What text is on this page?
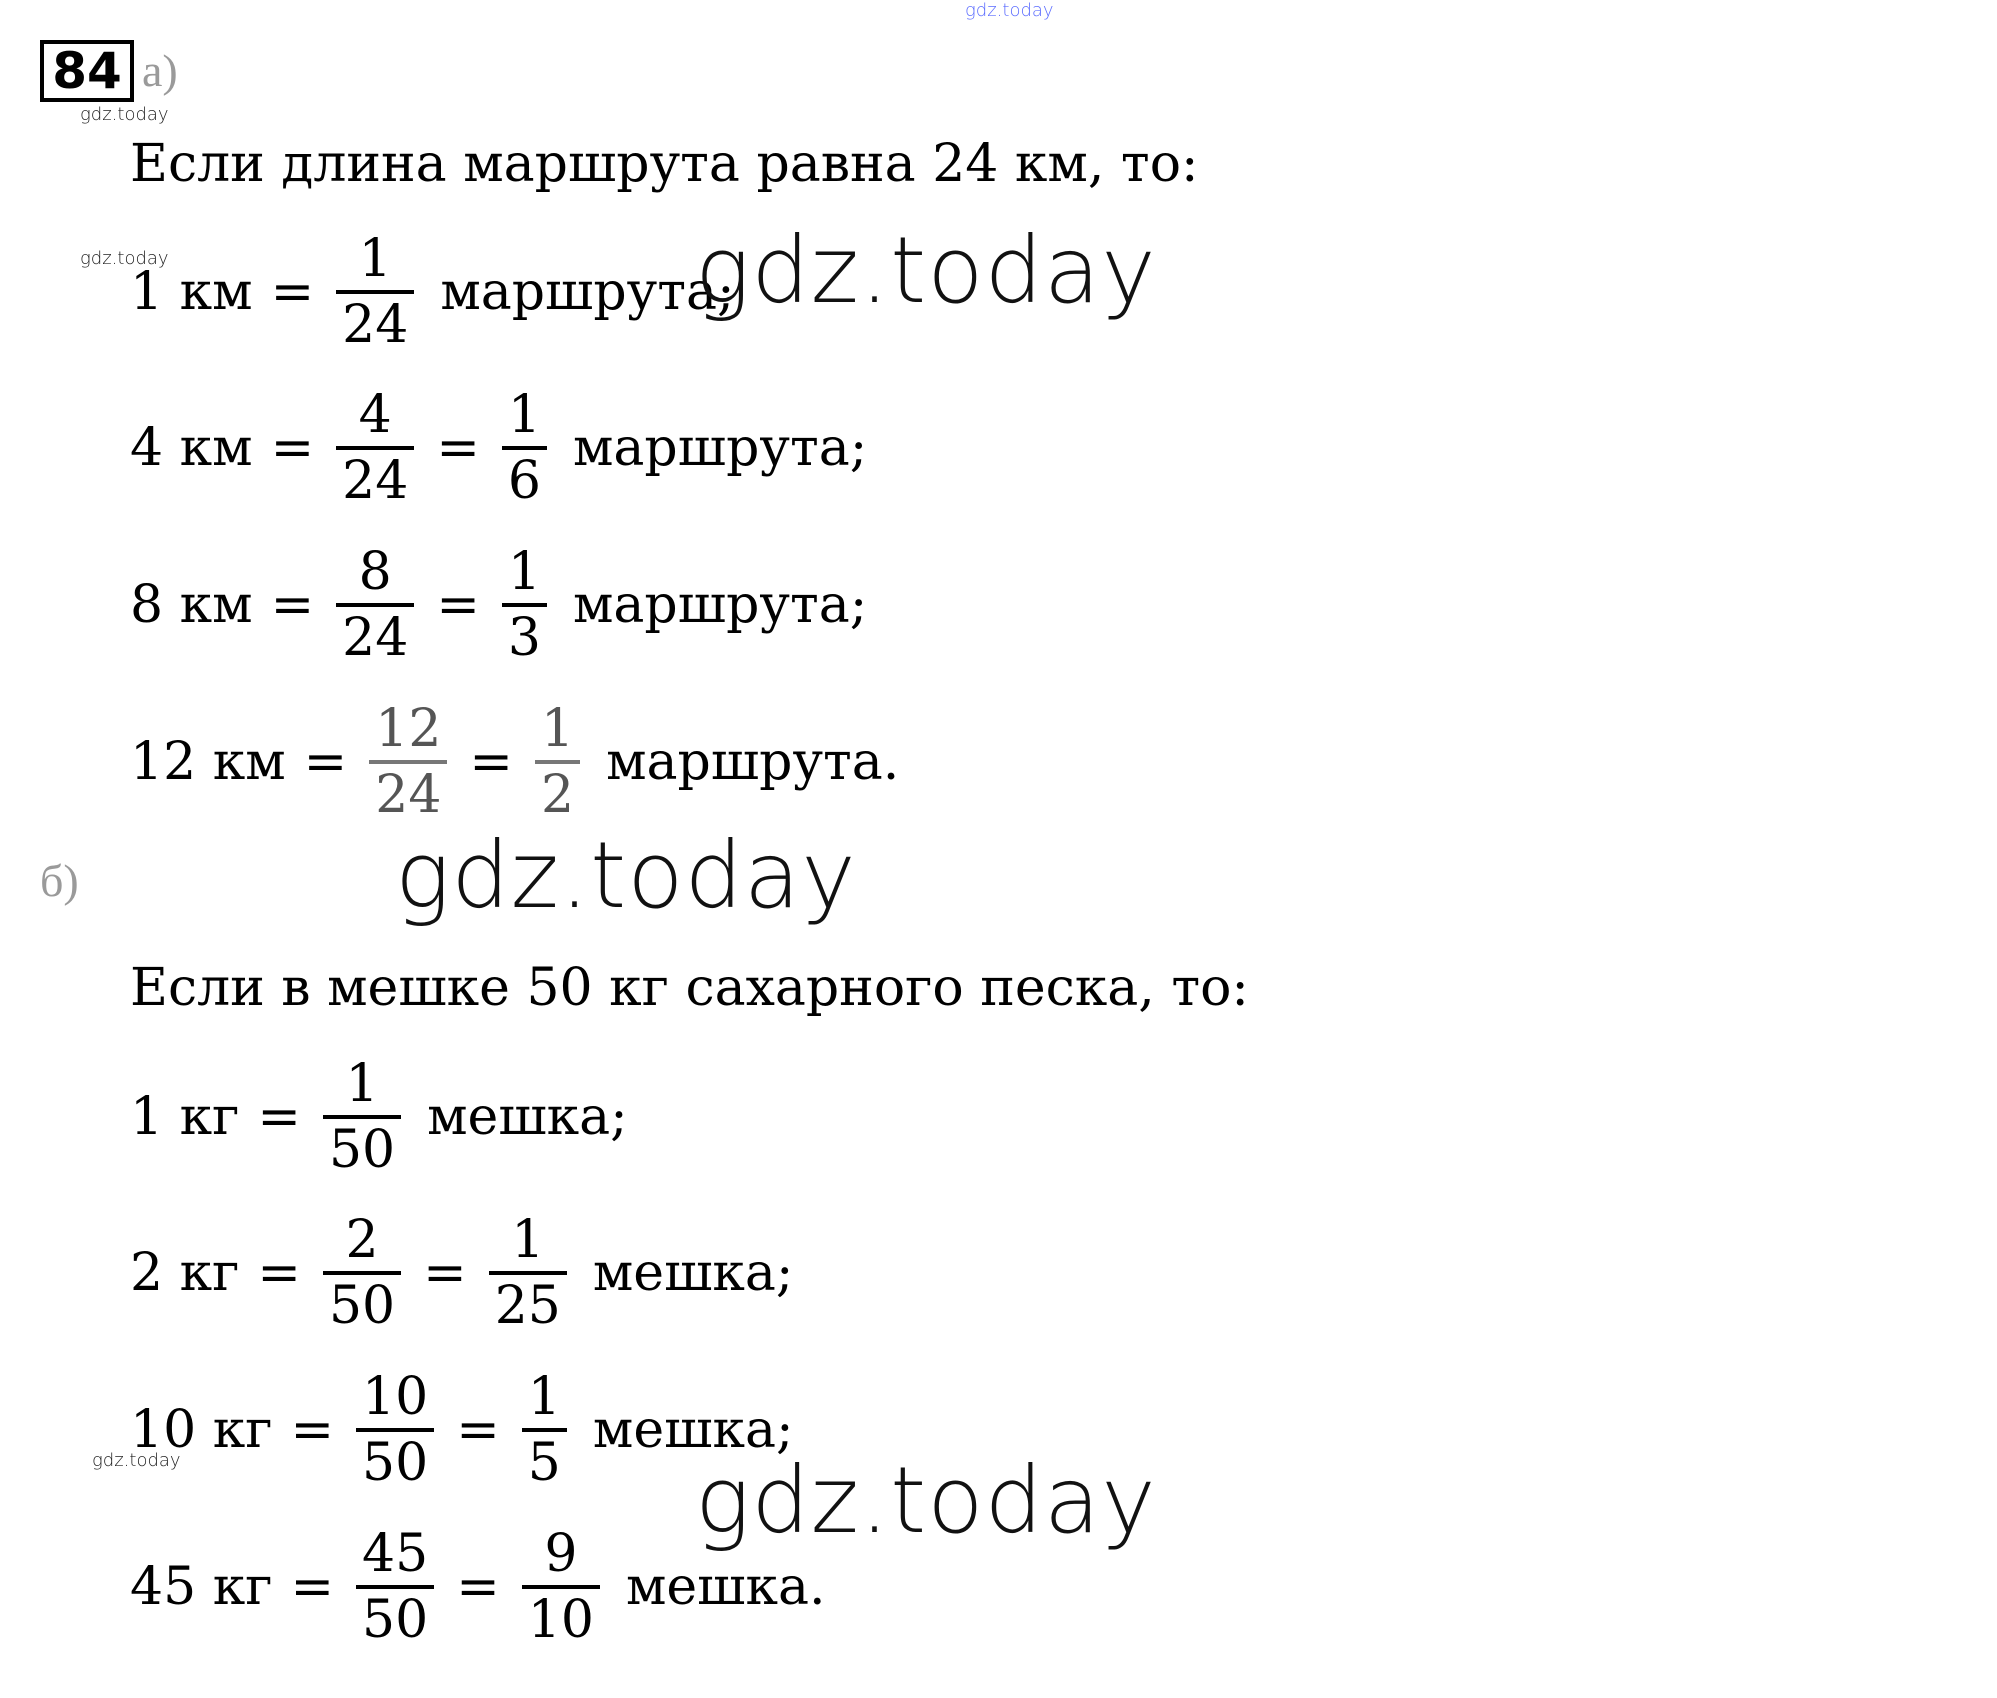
gdz.today
84 а)
gdz.today
Если длина маршрута равна 24 км, то:
gdz.today
1 км = $\frac{1}{24}$ маршрута;
gdz.today
4 км = $\frac{4}{24} = \frac{1}{6}$ маршрута;
8 км = $\frac{8}{24} = \frac{1}{3}$ маршрута;
12 км = $\frac{12}{24} = \frac{1}{2}$ маршрута.
б)	gdz.today
Если в мешке 50 кг сахарного песка, то:
1 кг = $\frac{1}{50}$ мешка;
2 кг = $\frac{2}{50} = \frac{1}{25}$ мешка;
10 кг = $\frac{10}{50} = \frac{1}{5}$ мешка;
gdz.today	gdz.today
45 кг = $\frac{45}{50} = \frac{9}{10}$ мешка.
